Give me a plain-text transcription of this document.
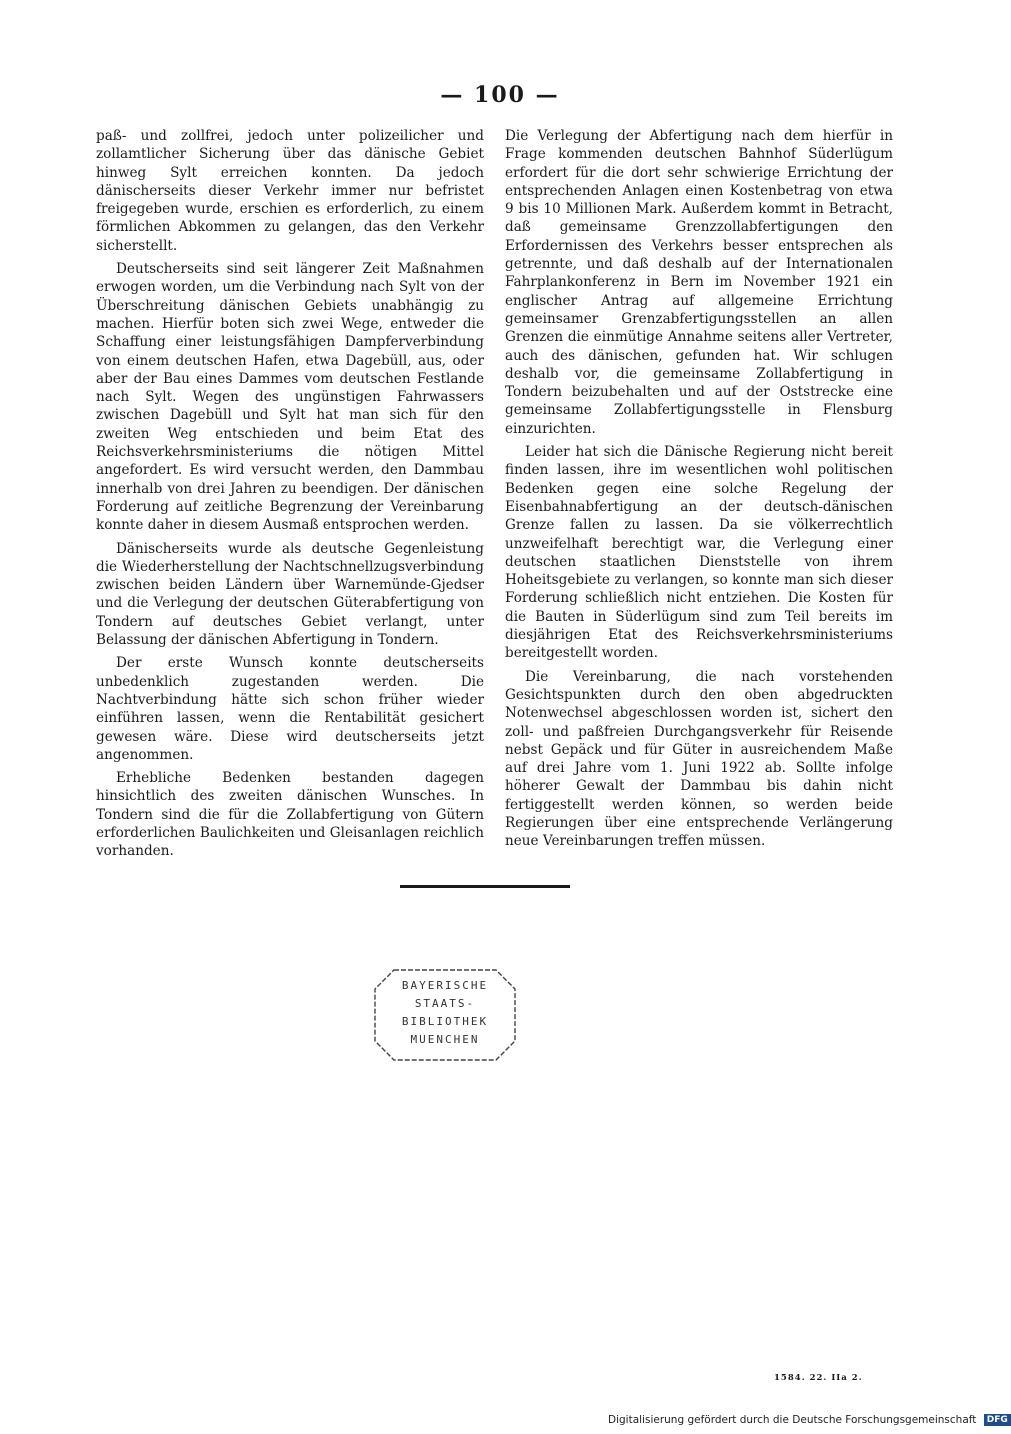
— 100 —

paß- und zollfrei, jedoch unter polizeilicher und zollamtlicher Sicherung über das dänische Gebiet hinweg Sylt erreichen konnten. Da jedoch dänischerseits dieser Verkehr immer nur befristet freigegeben wurde, erschien es erforderlich, zu einem förmlichen Abkommen zu gelangen, das den Verkehr sicherstellt.

Deutscherseits sind seit längerer Zeit Maßnahmen erwogen worden, um die Verbindung nach Sylt von der Überschreitung dänischen Gebiets unabhängig zu machen. Hierfür boten sich zwei Wege, entweder die Schaffung einer leistungsfähigen Dampferverbindung von einem deutschen Hafen, etwa Dagebüll, aus, oder aber der Bau eines Dammes vom deutschen Festlande nach Sylt. Wegen des ungünstigen Fahrwassers zwischen Dagebüll und Sylt hat man sich für den zweiten Weg entschieden und beim Etat des Reichsverkehrsministeriums die nötigen Mittel angefordert. Es wird versucht werden, den Dammbau innerhalb von drei Jahren zu beendigen. Der dänischen Forderung auf zeitliche Begrenzung der Vereinbarung konnte daher in diesem Ausmaß entsprochen werden.

Dänischerseits wurde als deutsche Gegenleistung die Wiederherstellung der Nachtschnellzugsverbindung zwischen beiden Ländern über Warnemünde-Gjedser und die Verlegung der deutschen Güterabfertigung von Tondern auf deutsches Gebiet verlangt, unter Belassung der dänischen Abfertigung in Tondern.

Der erste Wunsch konnte deutscherseits unbedenklich zugestanden werden. Die Nachtverbindung hätte sich schon früher wieder einführen lassen, wenn die Rentabilität gesichert gewesen wäre. Diese wird deutscherseits jetzt angenommen.

Erhebliche Bedenken bestanden dagegen hinsichtlich des zweiten dänischen Wunsches. In Tondern sind die für die Zollabfertigung von Gütern erforderlichen Baulichkeiten und Gleisanlagen reichlich vorhanden.

Die Verlegung der Abfertigung nach dem hierfür in Frage kommenden deutschen Bahnhof Süderlügum erfordert für die dort sehr schwierige Errichtung der entsprechenden Anlagen einen Kostenbetrag von etwa 9 bis 10 Millionen Mark. Außerdem kommt in Betracht, daß gemeinsame Grenzzollabfertigungen den Erfordernissen des Verkehrs besser entsprechen als getrennte, und daß deshalb auf der Internationalen Fahrplankonferenz in Bern im November 1921 ein englischer Antrag auf allgemeine Errichtung gemeinsamer Grenzabfertigungsstellen an allen Grenzen die einmütige Annahme seitens aller Vertreter, auch des dänischen, gefunden hat. Wir schlugen deshalb vor, die gemeinsame Zollabfertigung in Tondern beizubehalten und auf der Oststrecke eine gemeinsame Zollabfertigungsstelle in Flensburg einzurichten.

Leider hat sich die Dänische Regierung nicht bereit finden lassen, ihre im wesentlichen wohl politischen Bedenken gegen eine solche Regelung der Eisenbahnabfertigung an der deutsch-dänischen Grenze fallen zu lassen. Da sie völkerrechtlich unzweifelhaft berechtigt war, die Verlegung einer deutschen staatlichen Dienststelle von ihrem Hoheitsgebiete zu verlangen, so konnte man sich dieser Forderung schließlich nicht entziehen. Die Kosten für die Bauten in Süderlügum sind zum Teil bereits im diesjährigen Etat des Reichsverkehrsministeriums bereitgestellt worden.

Die Vereinbarung, die nach vorstehenden Gesichtspunkten durch den oben abgedruckten Notenwechsel abgeschlossen worden ist, sichert den zoll- und paßfreien Durchgangsverkehr für Reisende nebst Gepäck und für Güter in ausreichendem Maße auf drei Jahre vom 1. Juni 1922 ab. Sollte infolge höherer Gewalt der Dammbau bis dahin nicht fertiggestellt werden können, so werden beide Regierungen über eine entsprechende Verlängerung neue Vereinbarungen treffen müssen.

BAYERISCHE
STAATS-
BIBLIOTHEK
MUENCHEN
1584. 22. IIa 2.
Digitalisierung gefördert durch die Deutsche Forschungsgemeinschaft DFG
